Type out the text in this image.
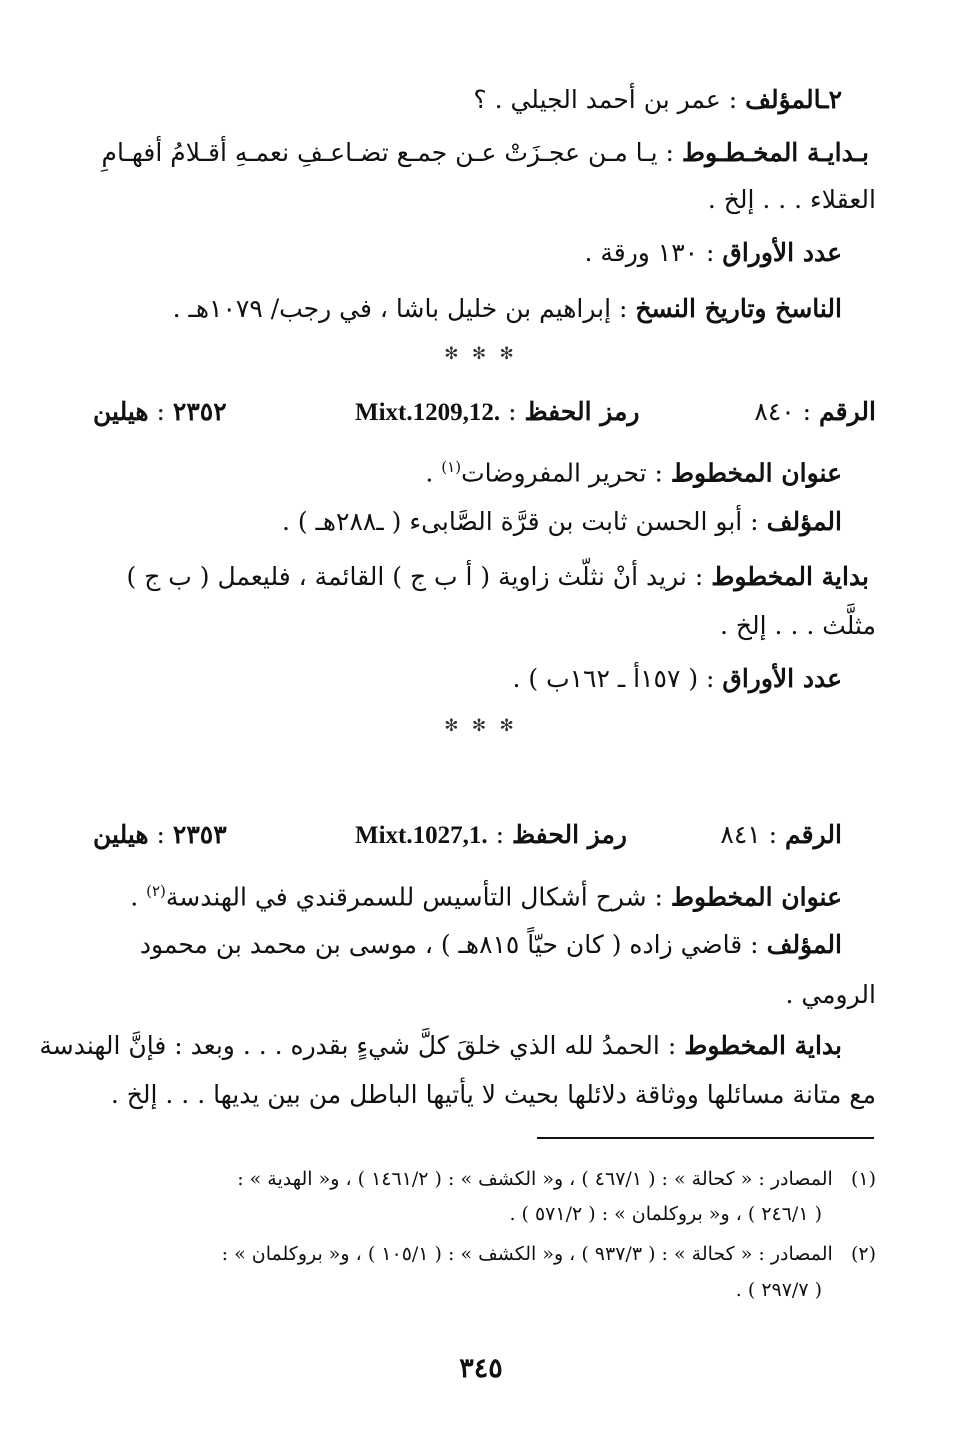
٢ـالمؤلف : عمر بن أحمد الجيلي . ؟
بـدايـة المخـطـوط : يـا مـن عجـزَتْ عـن جمـع تضـاعـفِ نعمـهِ أقـلامُ أفهـامِ
العقلاء . . . إلخ .
عدد الأوراق : ١٣٠ ورقة .
الناسخ وتاريخ النسخ : إبراهيم بن خليل باشا ، في رجب/ ١٠٧٩هـ .
✻ ✻ ✻
الرقم : ٨٤٠
Mixt.1209,12. : رمز الحفظ
٢٣٥٢ : هيلين
عنوان المخطوط : تحرير المفروضات$^{(١)}$ .
المؤلف : أبو الحسن ثابت بن قرَّة الصَّابىء ( ـ٢٨٨هـ ) .
بداية المخطوط : نريد أنْ نثلّث زاوية ( أ ب ج ) القائمة ، فليعمل ( ب ج )
مثلَّث . . . إلخ .
عدد الأوراق : ( ١٥٧أ ـ ١٦٢ب ) .
✻ ✻ ✻
الرقم : ٨٤١
Mixt.1027,1. : رمز الحفظ
٢٣٥٣ : هيلين
عنوان المخطوط : شرح أشكال التأسيس للسمرقندي في الهندسة$^{(٢)}$ .
المؤلف : قاضي زاده ( كان حيّاً ٨١٥هـ ) ، موسى بن محمد بن محمود
الرومي .
بداية المخطوط : الحمدُ لله الذي خلقَ كلَّ شيءٍ بقدره . . . وبعد : فإنَّ الهندسة
مع متانة مسائلها ووثاقة دلائلها بحيث لا يأتيها الباطل من بين يديها . . . إلخ .
(١)   المصادر : « كحالة » : ( ٤٦٧/١ ) ، و« الكشف » : ( ١٤٦١/٢ ) ، و« الهدية » :
( ٢٤٦/١ ) ، و« بروكلمان » : ( ٥٧١/٢ ) .
(٢)   المصادر : « كحالة » : ( ٩٣٧/٣ ) ، و« الكشف » : ( ١٠٥/١ ) ، و« بروكلمان » :
( ٢٩٧/٧ ) .
٣٤٥
